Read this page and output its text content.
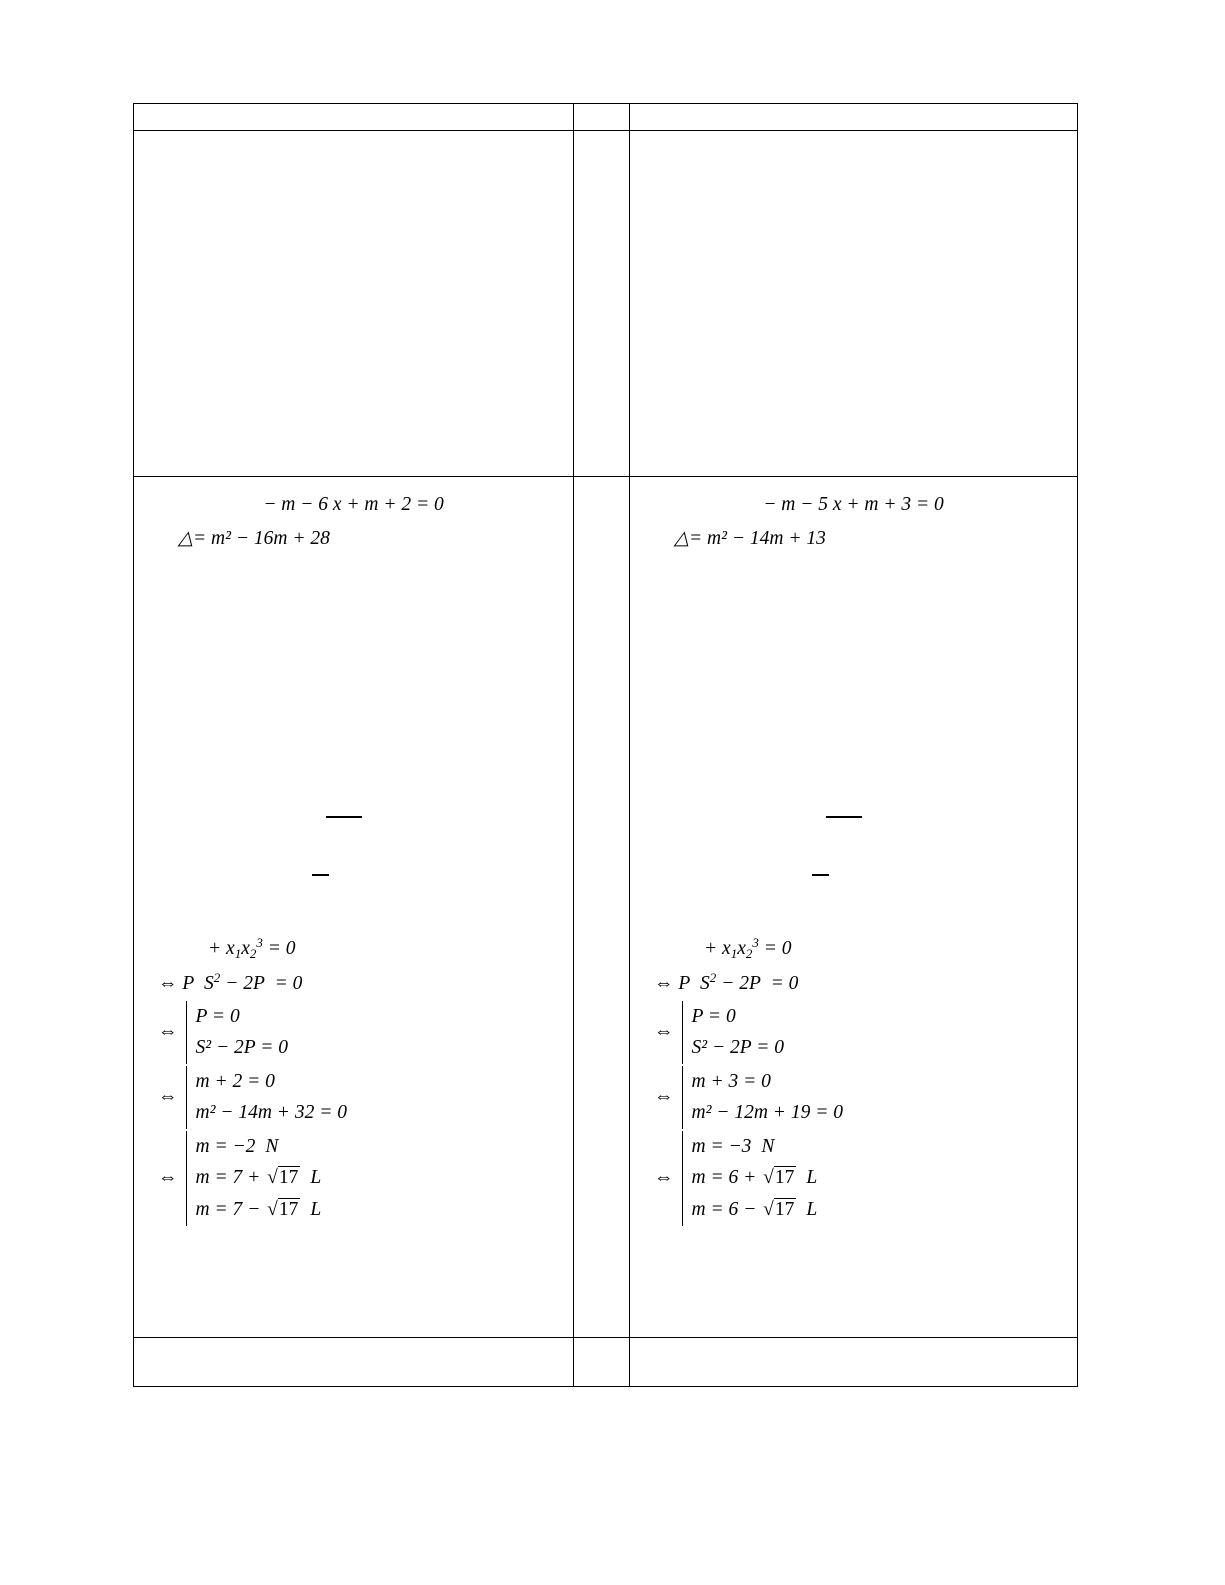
− m − 6 x + m + 2 = 0
△= m² − 16m + 28
+ $x_1x_2^3 = 0$
⇔ P $S^2 - 2P = 0$
⇔
P = 0
S² − 2P = 0
⇔
m + 2 = 0
m² − 14m + 32 = 0
⇔
m = −2 N
m = 7 + √17 L
m = 7 − √17 L

− m − 5 x + m + 3 = 0
△= m² − 14m + 13
+ $x_1x_2^3 = 0$
⇔ P $S^2 - 2P = 0$
⇔
P = 0
S² − 2P = 0
⇔
m + 3 = 0
m² − 12m + 19 = 0
⇔
m = −3 N
m = 6 + √17 L
m = 6 − √17 L
